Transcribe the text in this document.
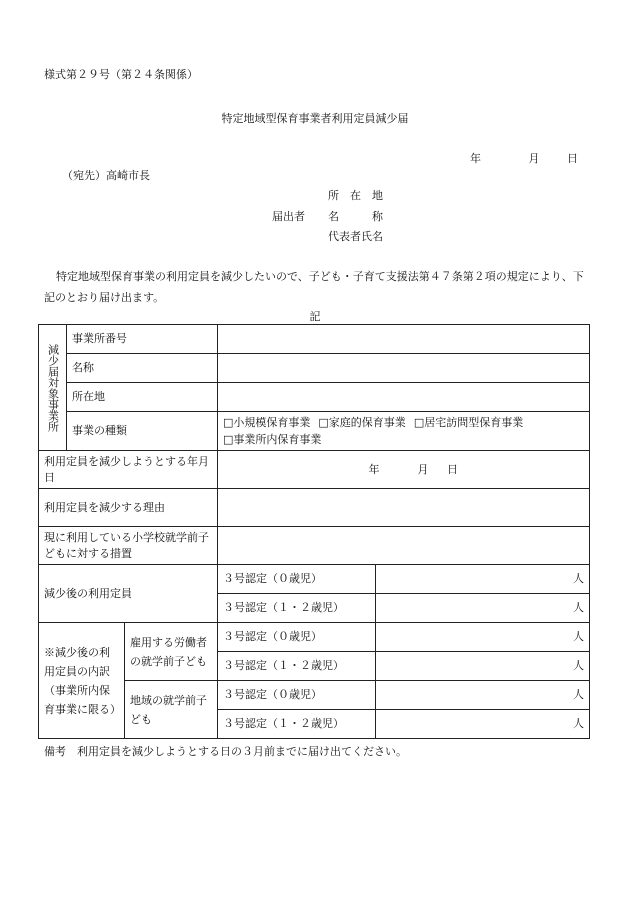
様式第２９号（第２４条関係）
特定地域型保育事業者利用定員減少届
年	月	日
（宛先）高崎市長
所　在　地
届出者 名　　　称
代表者氏名
特定地域型保育事業の利用定員を減少したいので、子ども・子育て支援法第４７条第２項の規定により、下記のとおり届け出ます。
記
減少届対象事業所	事業所番号			
	名称			
	所在地			
	事業の種類		□小規模保育事業 □家庭的保育事業 □居宅訪問型保育事業
□事業所内保育事業	
利用定員を減少しようとする年月日			年 月 日	
利用定員を減少する理由				
現に利用している小学校就学前子どもに対する措置				
減少後の利用定員			３号認定（０歳児）	人
			３号認定（１・２歳児）	人
※減少後の利用定員の内訳（事業所内保育事業に限る）		雇用する労働者の就学前子ども	３号認定（０歳児）	人
			３号認定（１・２歳児）	人
		地域の就学前子ども	３号認定（０歳児）	人
			３号認定（１・２歳児）	人
備考　利用定員を減少しようとする日の３月前までに届け出てください。
